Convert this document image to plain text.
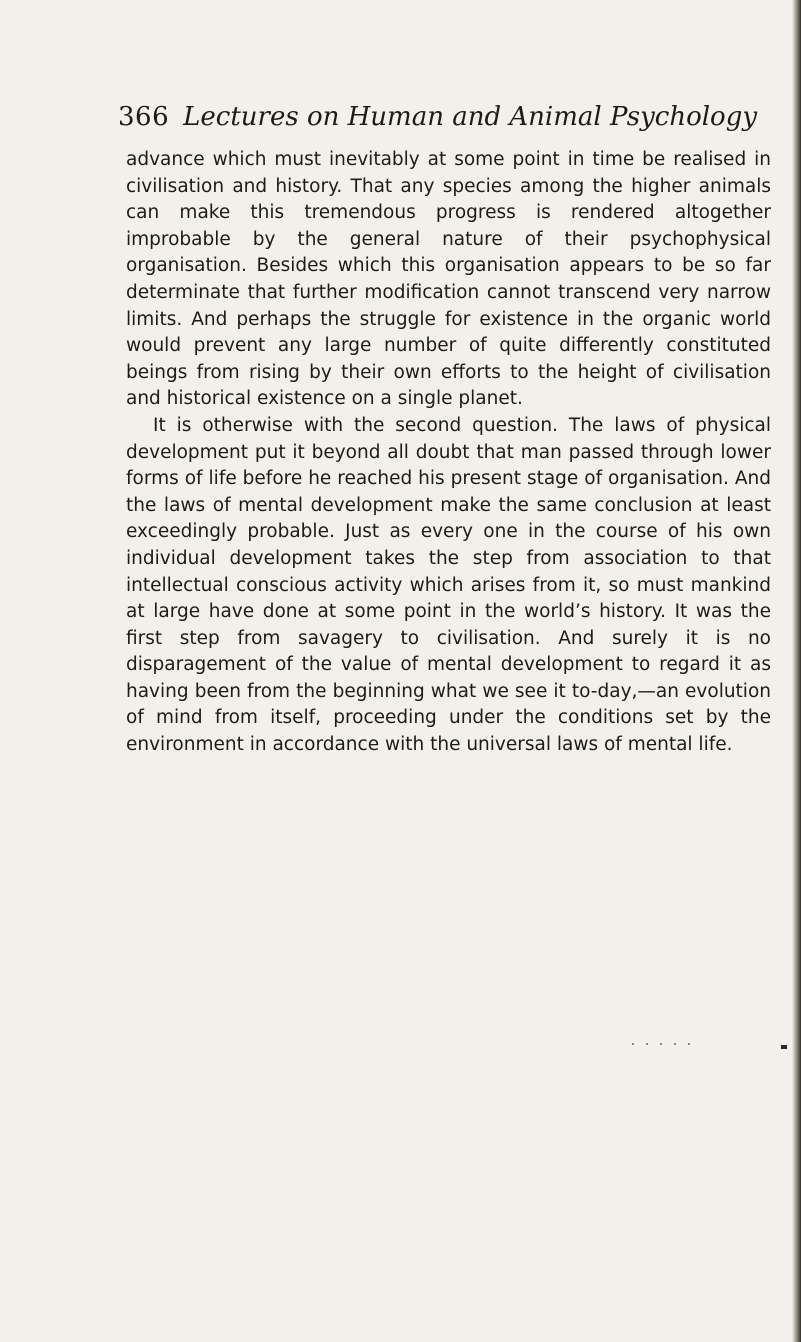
366 Lectures on Human and Animal Psychology

advance which must inevitably at some point in time be realised in civilisation and history. That any species among the higher animals can make this tremendous progress is rendered altogether improbable by the general nature of their psychophysical organisation. Besides which this organisation appears to be so far determinate that further modification cannot transcend very narrow limits. And perhaps the struggle for existence in the organic world would prevent any large number of quite differently constituted beings from rising by their own efforts to the height of civilisation and historical existence on a single planet.

It is otherwise with the second question. The laws of physical development put it beyond all doubt that man passed through lower forms of life before he reached his present stage of organisation. And the laws of mental development make the same conclusion at least exceedingly probable. Just as every one in the course of his own individual development takes the step from association to that intellectual conscious activity which arises from it, so must mankind at large have done at some point in the world’s history. It was the first step from savagery to civilisation. And surely it is no disparagement of the value of mental development to regard it as having been from the beginning what we see it to-day,—an evolution of mind from itself, proceeding under the conditions set by the environment in accordance with the universal laws of mental life.
